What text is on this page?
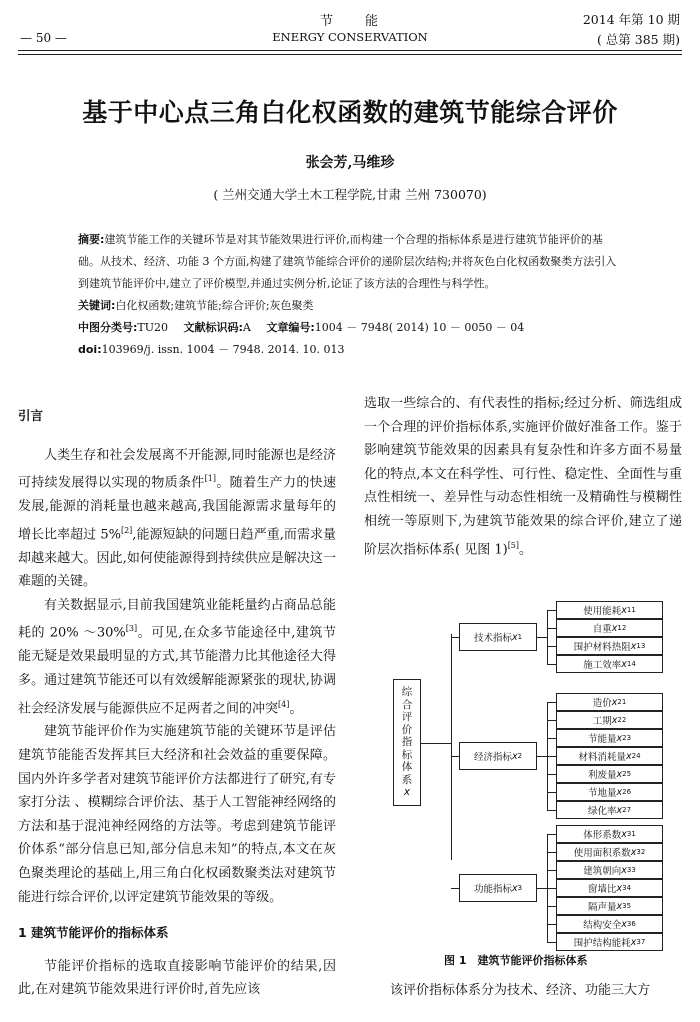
节　　能
ENERGY CONSERVATION
— 50 —
2014 年第 10 期
( 总第 385 期)
基于中心点三角白化权函数的建筑节能综合评价
张会芳,马维珍
( 兰州交通大学土木工程学院,甘肃 兰州 730070)
摘要:建筑节能工作的关键环节是对其节能效果进行评价,而构建一个合理的指标体系是进行建筑节能评价的基础。从技术、经济、功能 3 个方面,构建了建筑节能综合评价的递阶层次结构;并将灰色白化权函数聚类方法引入到建筑节能评价中,建立了评价模型,并通过实例分析,论证了该方法的合理性与科学性。
关键词:白化权函数;建筑节能;综合评价;灰色聚类
中图分类号:TU20 文献标识码:A 文章编号:1004 － 7948( 2014) 10 － 0050 － 04
doi:103969/j. issn. 1004 － 7948. 2014. 10. 013
引言

人类生存和社会发展离不开能源,同时能源也是经济可持续发展得以实现的物质条件[1]。随着生产力的快速发展,能源的消耗量也越来越高,我国能源需求量每年的增长比率超过 5%[2],能源短缺的问题日趋严重,而需求量却越来越大。因此,如何使能源得到持续供应是解决这一难题的关键。

有关数据显示,目前我国建筑业能耗量约占商品总能耗的 20% ～30%[3]。可见,在众多节能途径中,建筑节能无疑是效果最明显的方式,其节能潜力比其他途径大得多。通过建筑节能还可以有效缓解能源紧张的现状,协调社会经济发展与能源供应不足两者之间的冲突[4]。

建筑节能评价作为实施建筑节能的关键环节是评估建筑节能能否发挥其巨大经济和社会效益的重要保障。国内外许多学者对建筑节能评价方法都进行了研究,有专家打分法 、模糊综合评价法、基于人工智能神经网络的方法和基于混沌神经网络的方法等。考虑到建筑节能评价体系“部分信息已知,部分信息未知”的特点,本文在灰色聚类理论的基础上,用三角白化权函数聚类法对建筑节能进行综合评价,以评定建筑节能效果的等级。

1 建筑节能评价的指标体系

节能评价指标的选取直接影响节能评价的结果,因此,在对建筑节能效果进行评价时,首先应该

选取一些综合的、有代表性的指标;经过分析、筛选组成一个合理的评价指标体系,实施评价做好准备工作。鉴于影响建筑节能效果的因素具有复杂性和许多方面不易量化的特点,本文在科学性、可行性、稳定性、全面性与重点性相统一、差异性与动态性相统一及精确性与模糊性相统一等原则下,为建筑节能效果的综合评价,建立了递阶层次指标体系( 见图 1)[5]。

综
合
评
价
指
标
体
系
x
技术指标 x 1
使用能耗 x 11
自重 x 12
围护材料热阻 x 13
施工效率 x 14
经济指标 x 2
造价 x 21
工期 x 22
节能量 x 23
材料消耗量 x 24
利废量 x 25
节地量 x 26
绿化率 x 27
功能指标 x 3
体形系数 x 31
使用面积系数 x 32
建筑朝向 x 33
窗墙比 x 34
隔声量 x 35
结构安全 x 36
围护结构能耗 x 37
图 1　建筑节能评价指标体系

该评价指标体系分为技术、经济、功能三大方
